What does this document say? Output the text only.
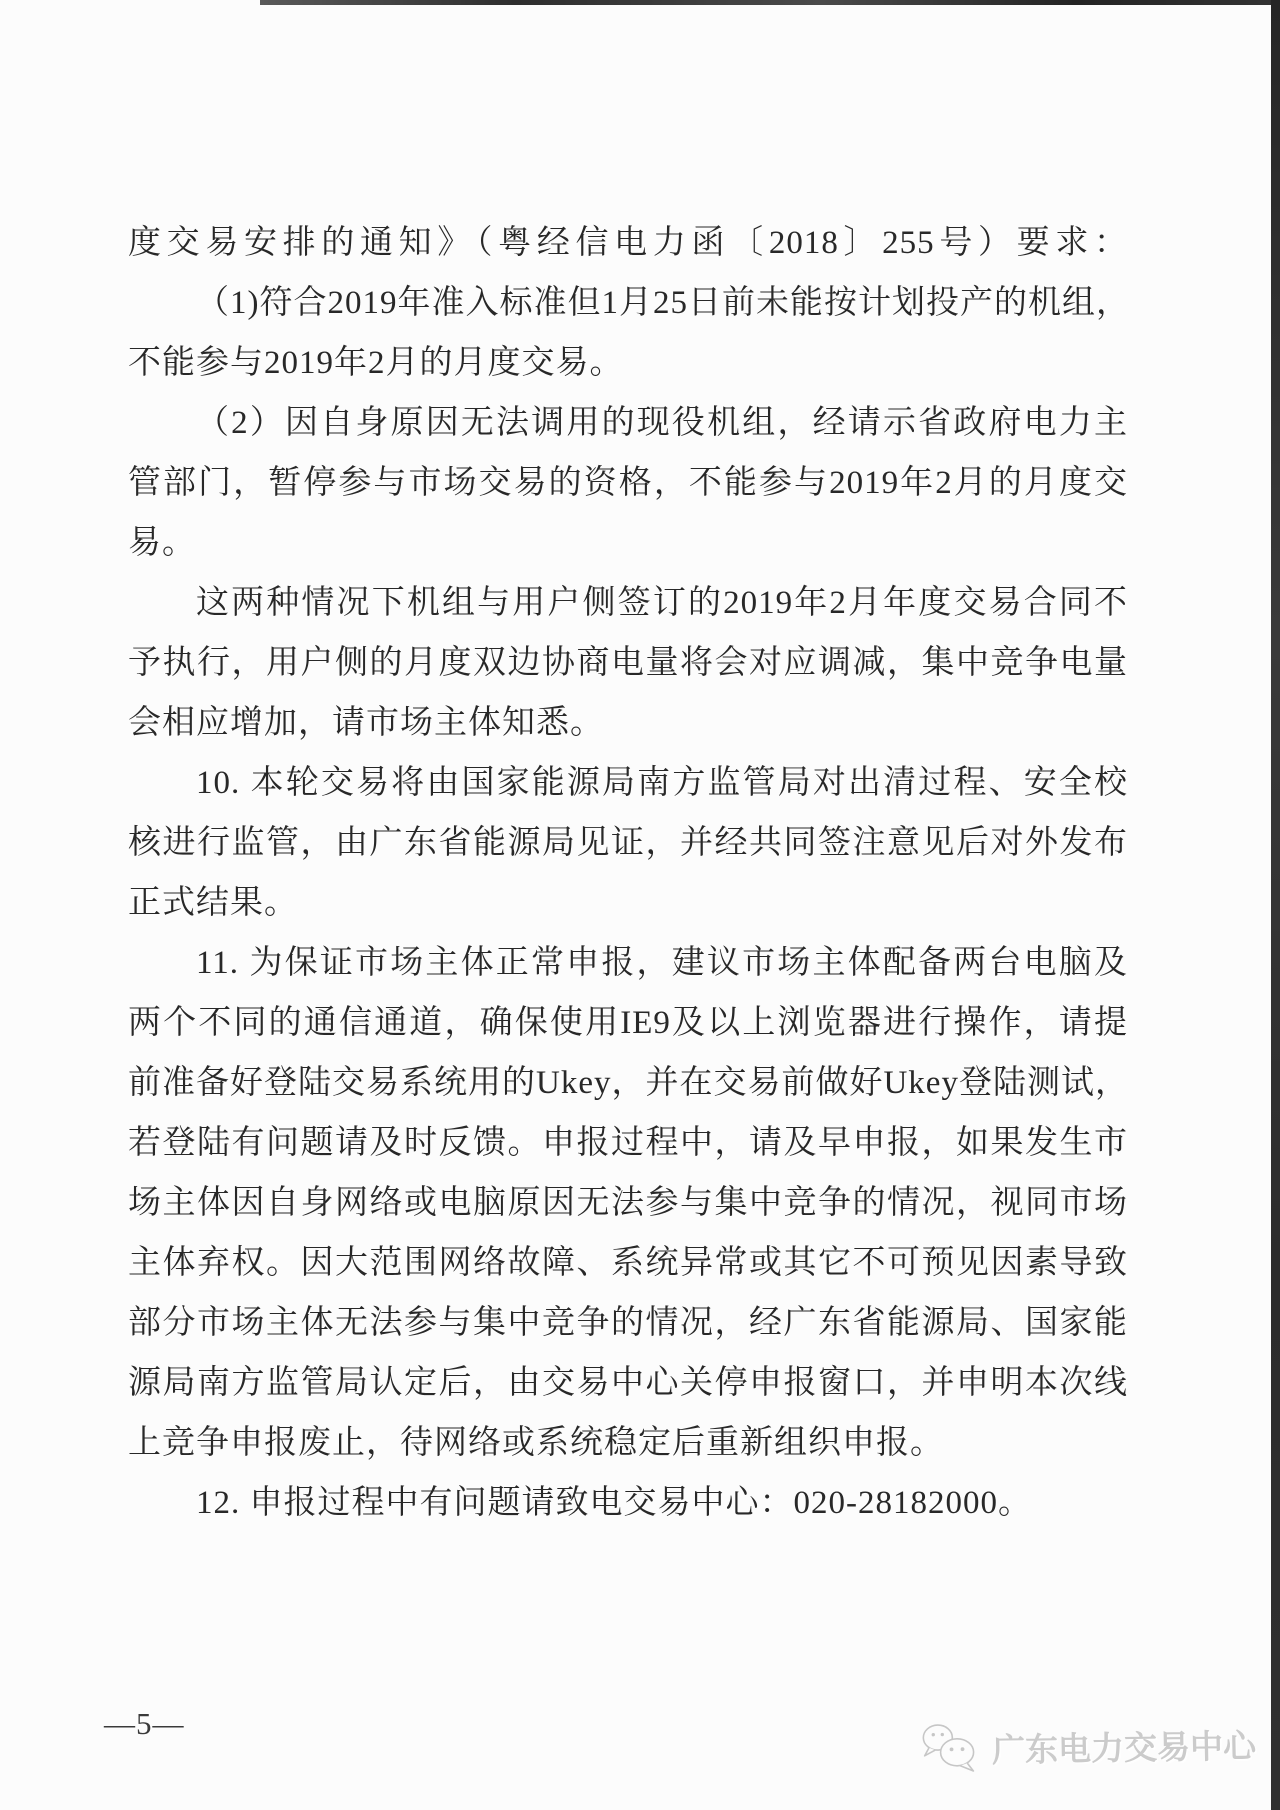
度交易安排的通知》（粤经信电力函〔2018〕255号）要求：
（1)符合2019年准入标准但1月25日前未能按计划投产的机组，
不能参与2019年2月的月度交易。
（2）因自身原因无法调用的现役机组，经请示省政府电力主
管部门，暂停参与市场交易的资格，不能参与2019年2月的月度交
易。
这两种情况下机组与用户侧签订的2019年2月年度交易合同不
予执行，用户侧的月度双边协商电量将会对应调减，集中竞争电量
会相应增加，请市场主体知悉。
10. 本轮交易将由国家能源局南方监管局对出清过程、安全校
核进行监管，由广东省能源局见证，并经共同签注意见后对外发布
正式结果。
11. 为保证市场主体正常申报，建议市场主体配备两台电脑及
两个不同的通信通道，确保使用IE9及以上浏览器进行操作，请提
前准备好登陆交易系统用的Ukey，并在交易前做好Ukey登陆测试，
若登陆有问题请及时反馈。申报过程中，请及早申报，如果发生市
场主体因自身网络或电脑原因无法参与集中竞争的情况，视同市场
主体弃权。因大范围网络故障、系统异常或其它不可预见因素导致
部分市场主体无法参与集中竞争的情况，经广东省能源局、国家能
源局南方监管局认定后，由交易中心关停申报窗口，并申明本次线
上竞争申报废止，待网络或系统稳定后重新组织申报。
12. 申报过程中有问题请致电交易中心：020-28182000。
—5—
广东电力交易中心
